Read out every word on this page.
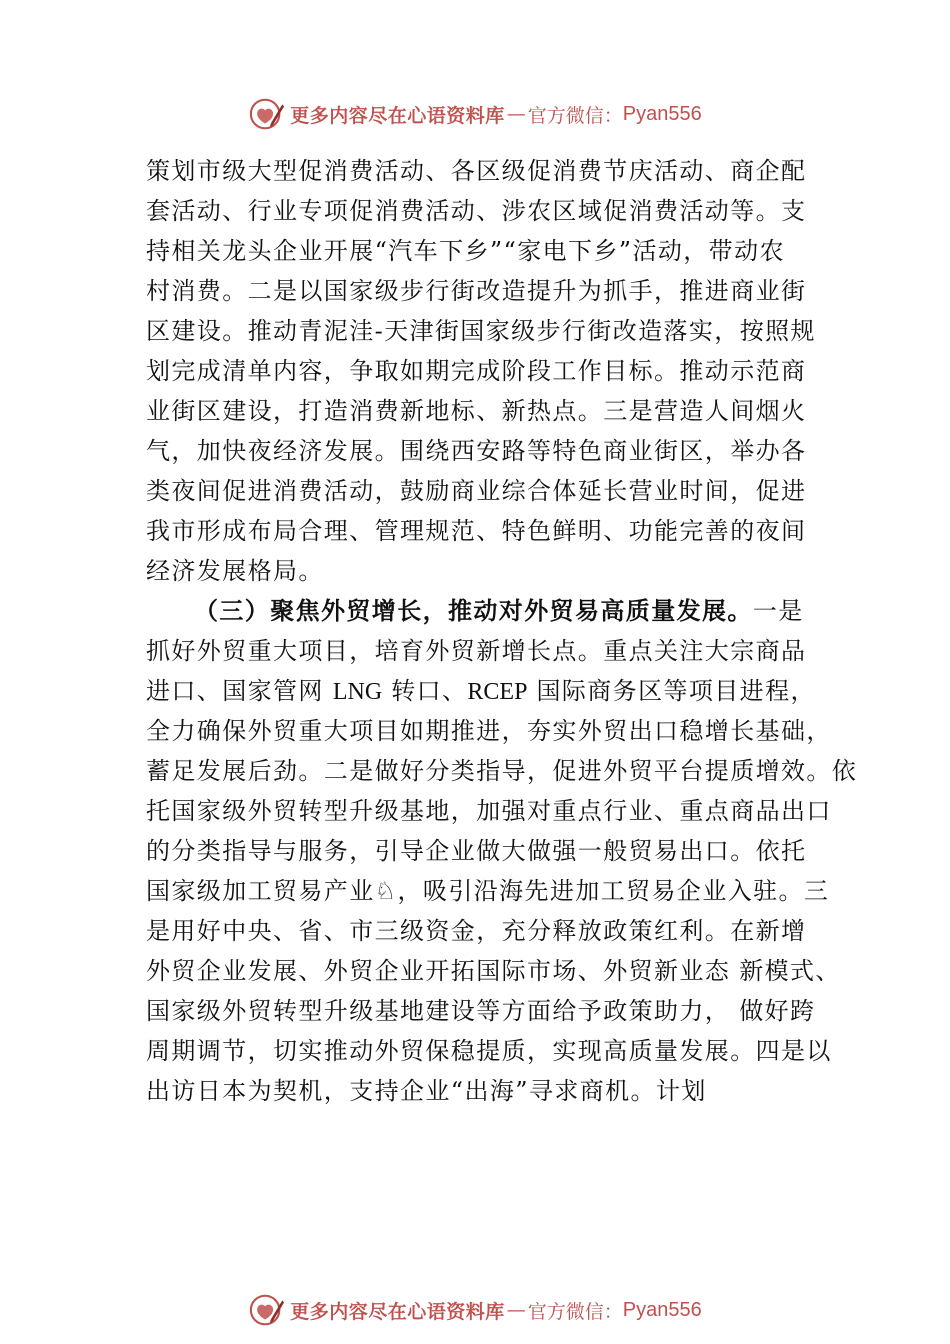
更多内容尽在心语资料库 — 官方微信： Pyan556
策划市级大型促消费活动、各区级促消费节庆活动、商企配
套活动、行业专项促消费活动、涉农区域促消费活动等。支
持相关龙头企业开展“汽车下乡”“家电下乡”活动，带动农
村消费。二是以国家级步行街改造提升为抓手，推进商业街
区建设。推动青泥洼-天津街国家级步行街改造落实，按照规
划完成清单内容，争取如期完成阶段工作目标。推动示范商
业街区建设，打造消费新地标、新热点。三是营造人间烟火
气，加快夜经济发展。围绕西安路等特色商业街区，举办各
类夜间促进消费活动，鼓励商业综合体延长营业时间，促进
我市形成布局合理、管理规范、特色鲜明、功能完善的夜间
经济发展格局。
（三）聚焦外贸增长，推动对外贸易高质量发展。一是
抓好外贸重大项目，培育外贸新增长点。重点关注大宗商品
进口、国家管网 LNG 转口、RCEP 国际商务区等项目进程，
全力确保外贸重大项目如期推进，夯实外贸出口稳增长基础，
蓄足发展后劲。二是做好分类指导，促进外贸平台提质增效。依
托国家级外贸转型升级基地，加强对重点行业、重点商品出口
的分类指导与服务，引导企业做大做强一般贸易出口。依托
国家级加工贸易产业♘，吸引沿海先进加工贸易企业入驻。三
是用好中央、省、市三级资金，充分释放政策红利。在新增
外贸企业发展、外贸企业开拓国际市场、外贸新业态 新模式、
国家级外贸转型升级基地建设等方面给予政策助力， 做好跨
周期调节，切实推动外贸保稳提质，实现高质量发展。四是以
出访日本为契机，支持企业“出海”寻求商机。计划
更多内容尽在心语资料库 — 官方微信： Pyan556
